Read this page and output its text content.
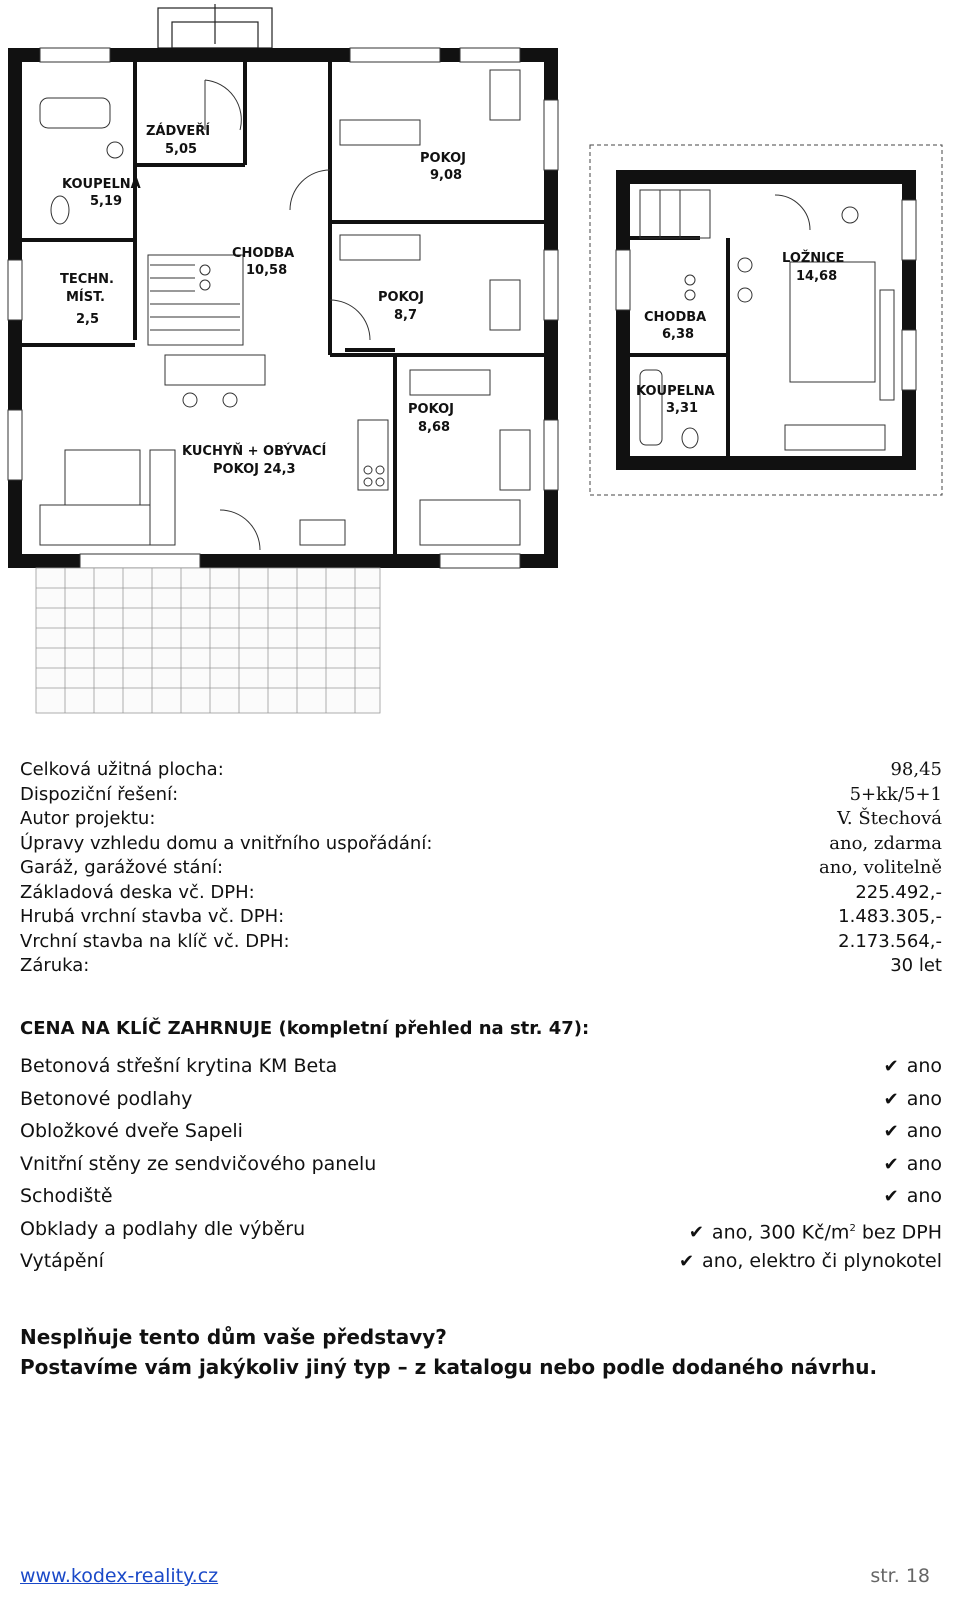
ZÁDVEŘÍ
5,05
KOUPELNA
5,19
POKOJ
9,08
CHODBA
10,58
TECHN.
MÍST.
2,5
POKOJ
8,7
POKOJ
8,68
KUCHYŇ + OBÝVACÍ
POKOJ 24,3
LOŽNICE
14,68
CHODBA
6,38
KOUPELNA
3,31
Celková užitná plocha:	98,45
Dispoziční řešení:	5+kk/5+1
Autor projektu:	V. Štechová
Úpravy vzhledu domu a vnitřního uspořádání:	ano, zdarma
Garáž, garážové stání:	ano, volitelně
Základová deska vč. DPH:	225.492,-
Hrubá vrchní stavba vč. DPH:	1.483.305,-
Vrchní stavba na klíč vč. DPH:	2.173.564,-
Záruka:	30 let
CENA NA KLÍČ ZAHRNUJE (kompletní přehled na str. 47):
Betonová střešní krytina KM Beta	✔ ano
Betonové podlahy	✔ ano
Obložkové dveře Sapeli	✔ ano
Vnitřní stěny ze sendvičového panelu	✔ ano
Schodiště	✔ ano
Obklady a podlahy dle výběru	✔ ano, 300 $Kč/m^2$ bez DPH
Vytápění	✔ ano, elektro či plynokotel
Nesplňuje tento dům vaše představy?
Postavíme vám jakýkoliv jiný typ – z katalogu nebo podle dodaného návrhu.
www.kodex-reality.cz	str. 18
